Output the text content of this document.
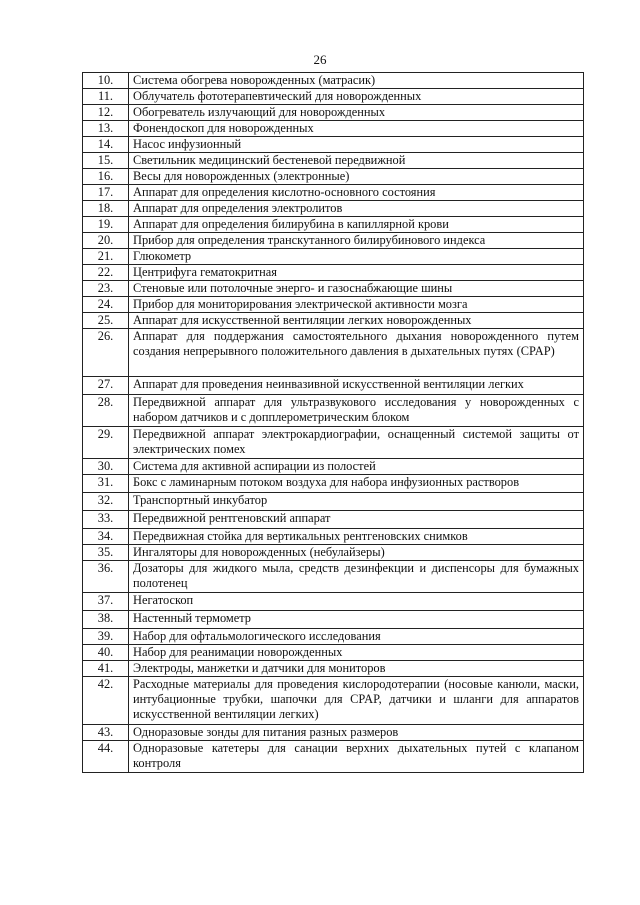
26
10.	Система обогрева новорожденных (матрасик)
11.	Облучатель фототерапевтический для новорожденных
12.	Обогреватель излучающий для новорожденных
13.	Фонендоскоп для новорожденных
14.	Насос инфузионный
15.	Светильник медицинский бестеневой передвижной
16.	Весы для новорожденных (электронные)
17.	Аппарат для определения кислотно-основного состояния
18.	Аппарат для определения электролитов
19.	Аппарат для определения билирубина в капиллярной крови
20.	Прибор для определения транскутанного билирубинового индекса
21.	Глюкометр
22.	Центрифуга гематокритная
23.	Стеновые или потолочные энерго- и газоснабжающие шины
24.	Прибор для мониторирования электрической активности мозга
25.	Аппарат для искусственной вентиляции легких новорожденных
26.	Аппарат для поддержания самостоятельного дыхания новорожденного путем создания непрерывного положительного давления в дыхательных путях (CPAP)
27.	Аппарат для проведения неинвазивной искусственной вентиляции легких
28.	Передвижной аппарат для ультразвукового исследования у новорожденных с набором датчиков и с допплерометрическим блоком
29.	Передвижной аппарат электрокардиографии, оснащенный системой защиты от электрических помех
30.	Система для активной аспирации из полостей
31.	Бокс с ламинарным потоком воздуха для набора инфузионных растворов
32.	Транспортный инкубатор
33.	Передвижной рентгеновский аппарат
34.	Передвижная стойка для вертикальных рентгеновских снимков
35.	Ингаляторы для новорожденных (небулайзеры)
36.	Дозаторы для жидкого мыла, средств дезинфекции и диспенсоры для бумажных полотенец
37.	Негатоскоп
38.	Настенный термометр
39.	Набор для офтальмологического исследования
40.	Набор для реанимации новорожденных
41.	Электроды, манжетки и датчики для мониторов
42.	Расходные материалы для проведения кислородотерапии (носовые канюли, маски, интубационные трубки, шапочки для CPAP, датчики и шланги для аппаратов искусственной вентиляции легких)
43.	Одноразовые зонды для питания разных размеров
44.	Одноразовые катетеры для санации верхних дыхательных путей с клапаном контроля
